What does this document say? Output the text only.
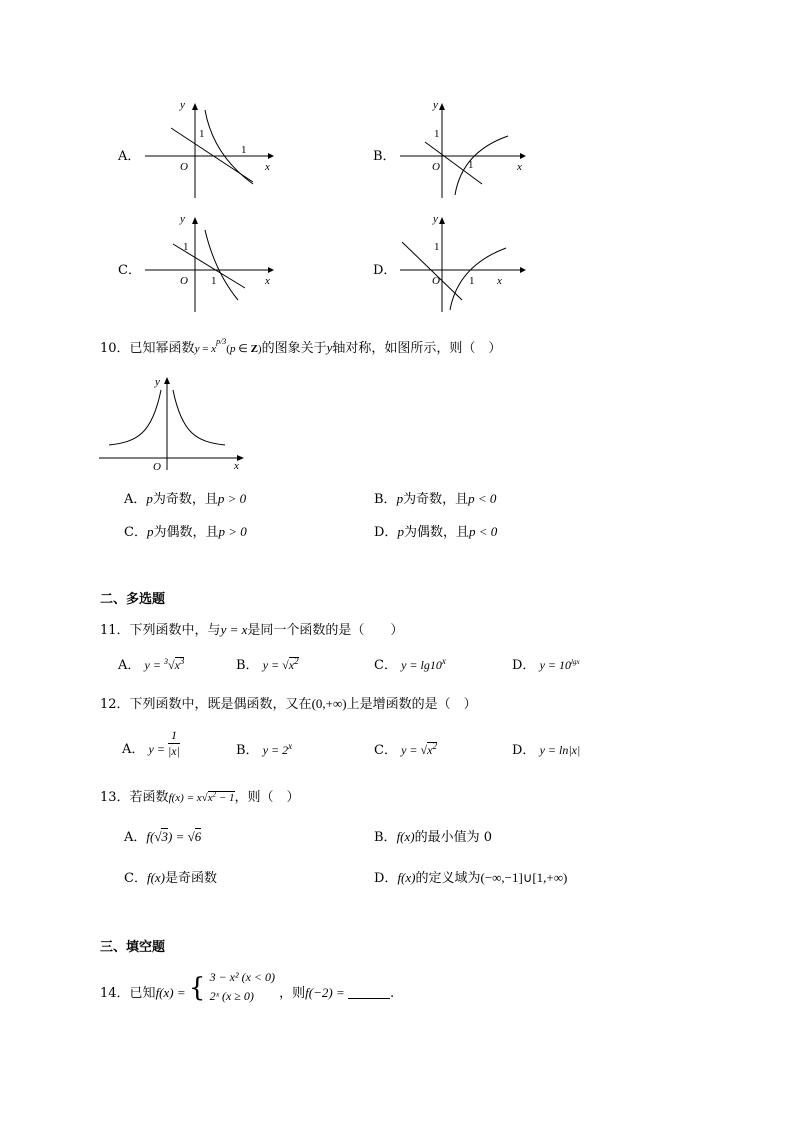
A．
y
1
1
O	x
B．
y
1
1
O	x
C．
y
1
1
O	x
D．
y
1
1
O	x
10．已知幂函数$y = x^{p/3}(p$ ∈ Z)的图象关于y轴对称，如图所示，则（　）
y
O	x
A．p为奇数，且p > 0	B．p为奇数，且p < 0
C．p为偶数，且p > 0	D．p为偶数，且p < 0
二、多选题
11．下列函数中，与y = x是同一个函数的是（　　）
A． $y = ^3√x^3$	B． $y = √x^2$	C． $y = \lg 10^x$	D． $y = 10^{lgx}$
12．下列函数中，既是偶函数，又在(0,+∞)上是增函数的是（　）
A． $y = \frac{1}{|x|}$	B． $y = 2^x$	C． $y = √x^2$	D． y = ln|x|
13．若函数$f(x) = x√x^2 - 1$，则（　）
A．f(√3) = √6	B．f(x)的最小值为 0
C．f(x)是奇函数	D．f(x)的定义域为(−∞,−1]∪[1,+∞)
三、填空题
14．已知f(x) = { 3 − x² (x < 0)
2ˣ (x ≥ 0)	，则f(−2) =	.
